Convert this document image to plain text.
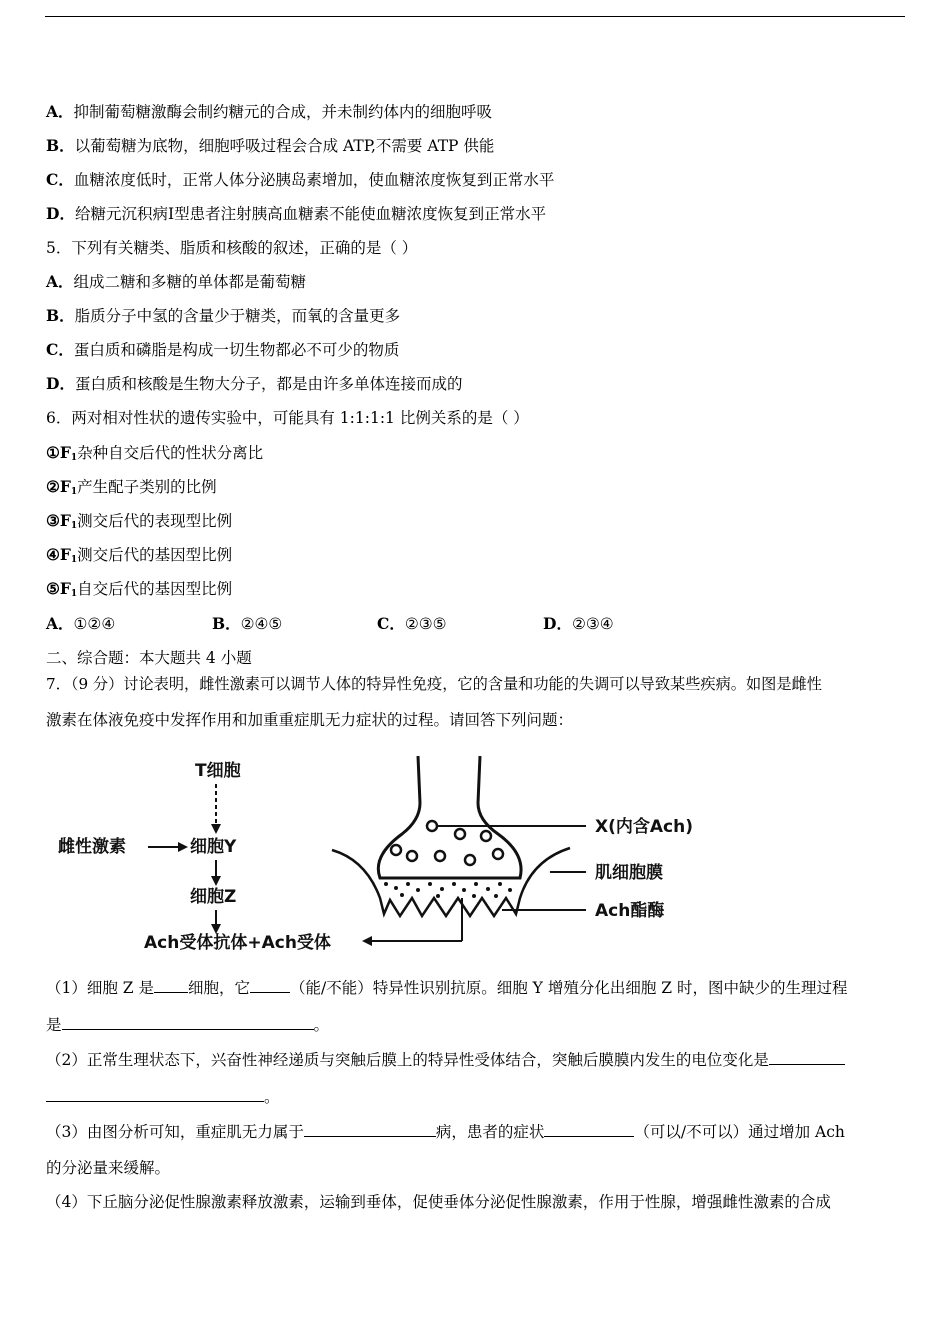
A．抑制葡萄糖激酶会制约糖元的合成，并未制约体内的细胞呼吸
B．以葡萄糖为底物，细胞呼吸过程会合成 ATP,不需要 ATP 供能
C．血糖浓度低时，正常人体分泌胰岛素增加，使血糖浓度恢复到正常水平
D．给糖元沉积病Ⅰ型患者注射胰高血糖素不能使血糖浓度恢复到正常水平
5．下列有关糖类、脂质和核酸的叙述，正确的是（ ）
A．组成二糖和多糖的单体都是葡萄糖
B．脂质分子中氢的含量少于糖类，而氧的含量更多
C．蛋白质和磷脂是构成一切生物都必不可少的物质
D．蛋白质和核酸是生物大分子，都是由许多单体连接而成的
6．两对相对性状的遗传实验中，可能具有 1:1:1:1 比例关系的是（ ）
$①F_1$杂种自交后代的性状分离比
$②F_1$产生配子类别的比例
$③F_1$测交后代的表现型比例
$④F_1$测交后代的基因型比例
$⑤F_1$自交后代的基因型比例
A．①②④	B．②④⑤	C．②③⑤	D．②③④
二、综合题：本大题共 4 小题
7．（9 分）讨论表明，雌性激素可以调节人体的特异性免疫，它的含量和功能的失调可以导致某些疾病。如图是雌性
激素在体液免疫中发挥作用和加重重症肌无力症状的过程。请回答下列问题：
T细胞
雌性激素	细胞Y
细胞Z
Ach受体抗体+Ach受体
X(内含Ach)
肌细胞膜
Ach酯酶
（1）细胞 Z 是 细胞，它	（能/不能）特异性识别抗原。细胞 Y 增殖分化出细胞 Z 时，图中缺少的生理过程
是	。
（2）正常生理状态下，兴奋性神经递质与突触后膜上的特异性受体结合，突触后膜膜内发生的电位变化是
。
（3）由图分析可知，重症肌无力属于	病，患者的症状	（可以/不可以）通过增加 Ach
的分泌量来缓解。
（4）下丘脑分泌促性腺激素释放激素，运输到垂体，促使垂体分泌促性腺激素，作用于性腺，增强雌性激素的合成
